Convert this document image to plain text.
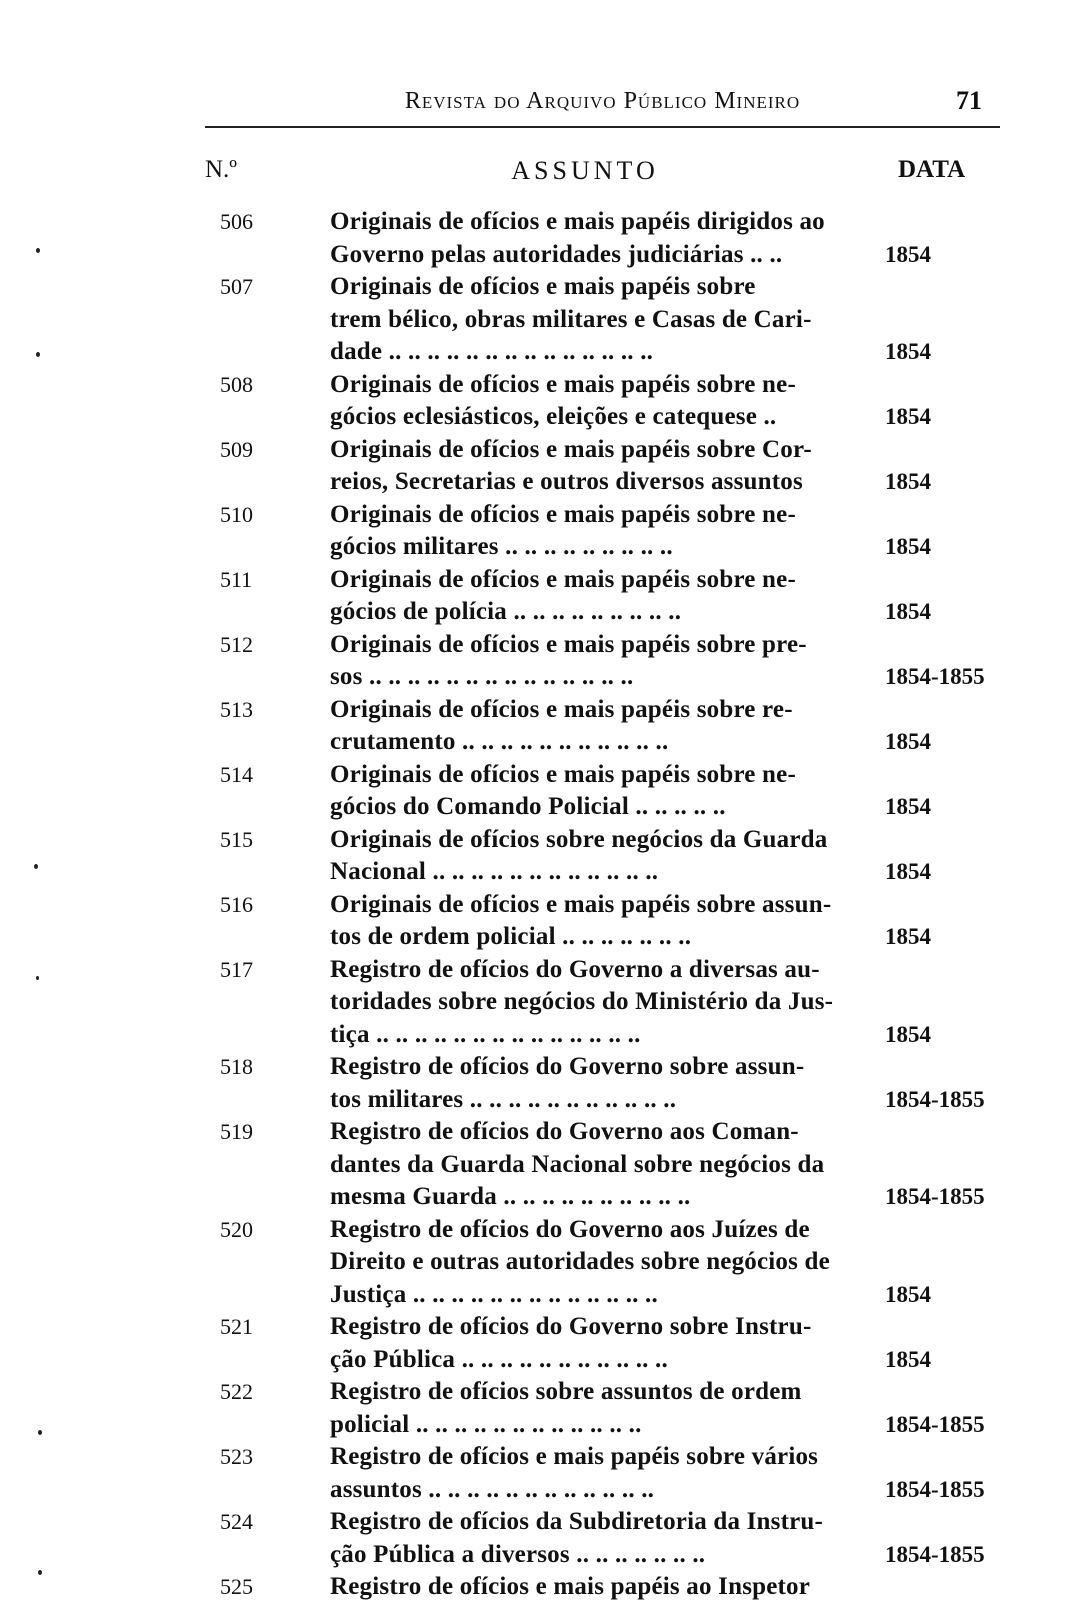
Revista do Arquivo Público Mineiro	71
N.º	ASSUNTO	DATA
506	Originais de ofícios e mais papéis dirigidos ao
Governo pelas autoridades judiciárias .. ..	1854
507	Originais de ofícios e mais papéis sobre
trem bélico, obras militares e Casas de Cari-
dade .. .. .. .. .. .. .. .. .. .. .. .. .. ..	1854
508	Originais de ofícios e mais papéis sobre ne-
gócios eclesiásticos, eleições e catequese ..	1854
509	Originais de ofícios e mais papéis sobre Cor-
reios, Secretarias e outros diversos assuntos	1854
510	Originais de ofícios e mais papéis sobre ne-
gócios militares .. .. .. .. .. .. .. .. ..	1854
511	Originais de ofícios e mais papéis sobre ne-
gócios de polícia .. .. .. .. .. .. .. .. ..	1854
512	Originais de ofícios e mais papéis sobre pre-
sos .. .. .. .. .. .. .. .. .. .. .. .. .. ..	1854-1855
513	Originais de ofícios e mais papéis sobre re-
crutamento .. .. .. .. .. .. .. .. .. .. ..	1854
514	Originais de ofícios e mais papéis sobre ne-
gócios do Comando Policial .. .. .. .. ..	1854
515	Originais de ofícios sobre negócios da Guarda
Nacional .. .. .. .. .. .. .. .. .. .. .. ..	1854
516	Originais de ofícios e mais papéis sobre assun-
tos de ordem policial .. .. .. .. .. .. ..	1854
517	Registro de ofícios do Governo a diversas au-
toridades sobre negócios do Ministério da Jus-
tiça .. .. .. .. .. .. .. .. .. .. .. .. .. ..	1854
518	Registro de ofícios do Governo sobre assun-
tos militares .. .. .. .. .. .. .. .. .. .. ..	1854-1855
519	Registro de ofícios do Governo aos Coman-
dantes da Guarda Nacional sobre negócios da
mesma Guarda .. .. .. .. .. .. .. .. .. ..	1854-1855
520	Registro de ofícios do Governo aos Juízes de
Direito e outras autoridades sobre negócios de
Justiça .. .. .. .. .. .. .. .. .. .. .. .. ..	1854
521	Registro de ofícios do Governo sobre Instru-
ção Pública .. .. .. .. .. .. .. .. .. .. ..	1854
522	Registro de ofícios sobre assuntos de ordem
policial .. .. .. .. .. .. .. .. .. .. .. ..	1854-1855
523	Registro de ofícios e mais papéis sobre vários
assuntos .. .. .. .. .. .. .. .. .. .. .. ..	1854-1855
524	Registro de ofícios da Subdiretoria da Instru-
ção Pública a diversos .. .. .. .. .. .. ..	1854-1855
525	Registro de ofícios e mais papéis ao Inspetor
